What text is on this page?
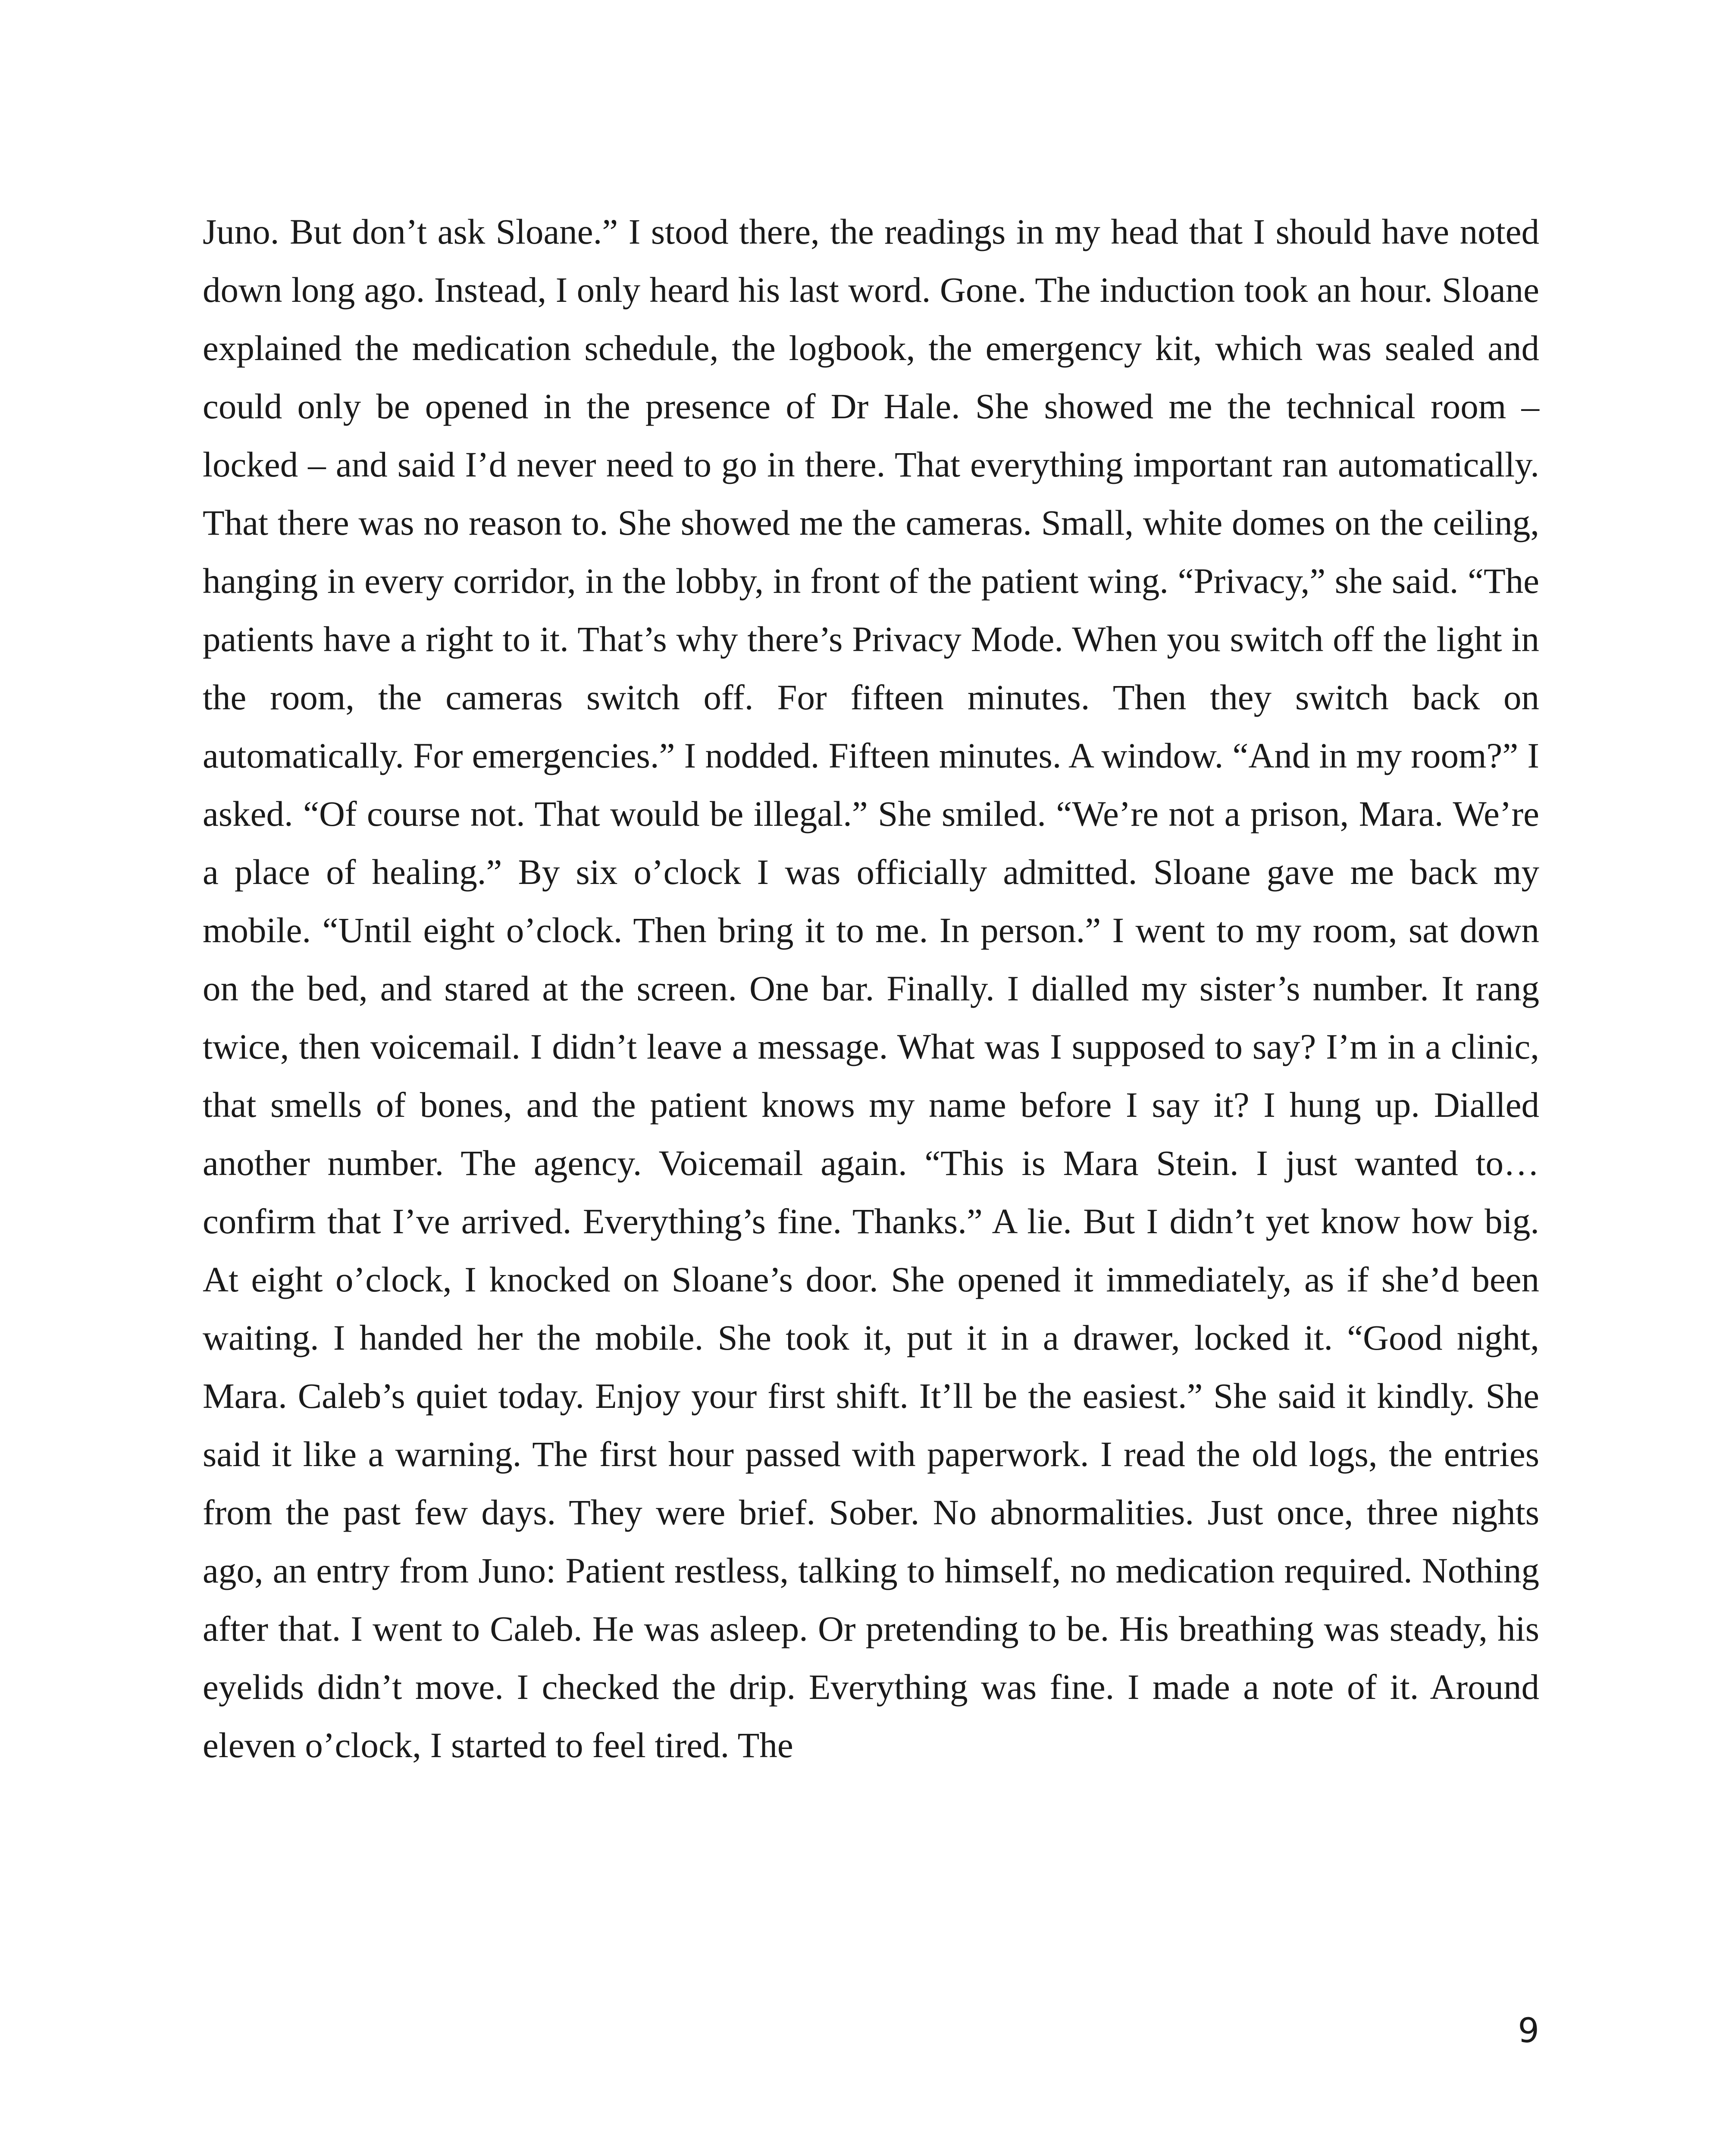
Juno. But don’t ask Sloane.” I stood there, the readings in my head that I should have noted down long ago. Instead, I only heard his last word. Gone. The induction took an hour. Sloane explained the medication schedule, the logbook, the emergency kit, which was sealed and could only be opened in the presence of Dr Hale. She showed me the technical room – locked – and said I’d never need to go in there. That everything important ran automatically. That there was no reason to. She showed me the cameras. Small, white domes on the ceiling, hanging in every corridor, in the lobby, in front of the patient wing. “Privacy,” she said. “The patients have a right to it. That’s why there’s Privacy Mode. When you switch off the light in the room, the cameras switch off. For fifteen minutes. Then they switch back on automatically. For emergencies.” I nodded. Fifteen minutes. A window. “And in my room?” I asked. “Of course not. That would be illegal.” She smiled. “We’re not a prison, Mara. We’re a place of healing.” By six o’clock I was officially admitted. Sloane gave me back my mobile. “Until eight o’clock. Then bring it to me. In person.” I went to my room, sat down on the bed, and stared at the screen. One bar. Finally. I dialled my sister’s number. It rang twice, then voicemail. I didn’t leave a message. What was I supposed to say? I’m in a clinic, that smells of bones, and the patient knows my name before I say it? I hung up. Dialled another number. The agency. Voicemail again. “This is Mara Stein. I just wanted to… confirm that I’ve arrived. Everything’s fine. Thanks.” A lie. But I didn’t yet know how big. At eight o’clock, I knocked on Sloane’s door. She opened it immediately, as if she’d been waiting. I handed her the mobile. She took it, put it in a drawer, locked it. “Good night, Mara. Caleb’s quiet today. Enjoy your first shift. It’ll be the easiest.” She said it kindly. She said it like a warning. The first hour passed with paperwork. I read the old logs, the entries from the past few days. They were brief. Sober. No abnormalities. Just once, three nights ago, an entry from Juno: Patient restless, talking to himself, no medication required. Nothing after that. I went to Caleb. He was asleep. Or pretending to be. His breathing was steady, his eyelids didn’t move. I checked the drip. Everything was fine. I made a note of it. Around eleven o’clock, I started to feel tired. The

9
